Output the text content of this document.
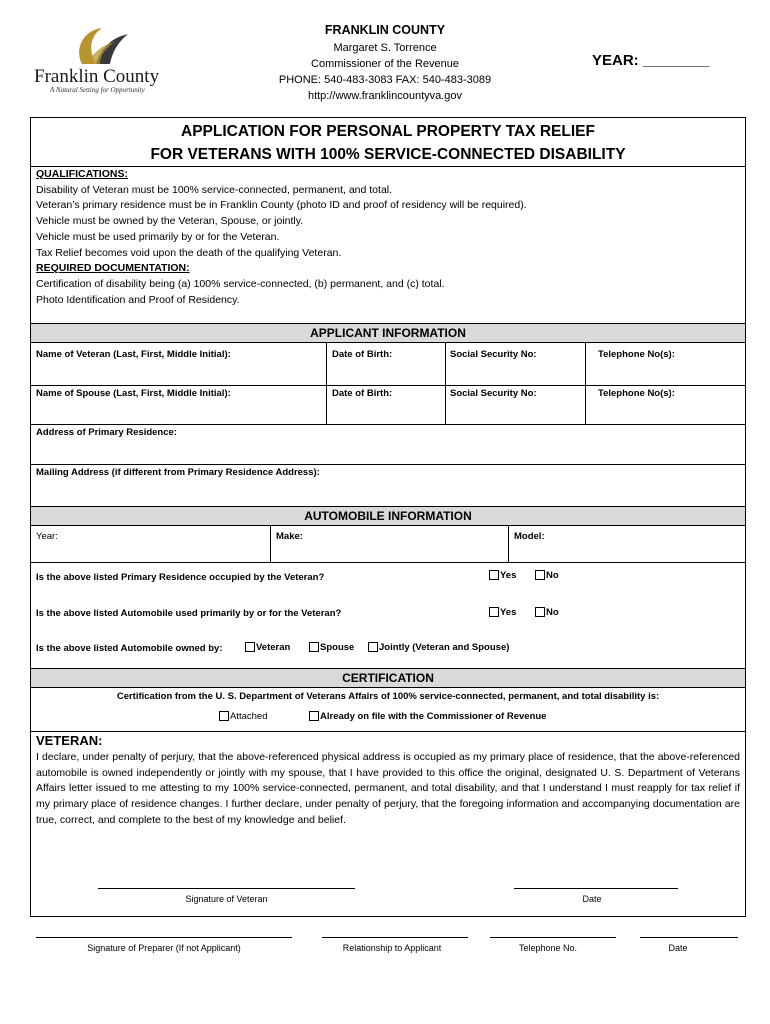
Franklin County
A Natural Setting for Opportunity
FRANKLIN COUNTY
Margaret S. Torrence
Commissioner of the Revenue
PHONE: 540-483-3083 FAX: 540-483-3089
http://www.franklincountyva.gov
YEAR: ________
APPLICATION FOR PERSONAL PROPERTY TAX RELIEF
FOR VETERANS WITH 100% SERVICE-CONNECTED DISABILITY
QUALIFICATIONS:
Disability of Veteran must be 100% service-connected, permanent, and total.
Veteran’s primary residence must be in Franklin County (photo ID and proof of residency will be required).
Vehicle must be owned by the Veteran, Spouse, or jointly.
Vehicle must be used primarily by or for the Veteran.
Tax Relief becomes void upon the death of the qualifying Veteran.
REQUIRED DOCUMENTATION:
Certification of disability being (a) 100% service-connected, (b) permanent, and (c) total.
Photo Identification and Proof of Residency.
APPLICANT INFORMATION
Name of Veteran (Last, First, Middle Initial):	Date of Birth:	Social Security No:	Telephone No(s):
Name of Spouse (Last, First, Middle Initial):	Date of Birth:	Social Security No:	Telephone No(s):
Address of Primary Residence:
Mailing Address (if different from Primary Residence Address):
AUTOMOBILE INFORMATION
Year:	Make:	Model:
Is the above listed Primary Residence occupied by the Veteran?	Yes	No
Is the above listed Automobile used primarily by or for the Veteran?	Yes	No
Is the above listed Automobile owned by:	Veteran	Spouse	Jointly (Veteran and Spouse)
CERTIFICATION
Certification from the U. S. Department of Veterans Affairs of 100% service-connected, permanent, and total disability is:
Attached	Already on file with the Commissioner of Revenue
VETERAN:
I declare, under penalty of perjury, that the above-referenced physical address is occupied as my primary place of residence, that the above-referenced automobile is owned independently or jointly with my spouse, that I have provided to this office the original, designated U. S. Department of Veterans Affairs letter issued to me attesting to my 100% service-connected, permanent, and total disability, and that I understand I must reapply for tax relief if my primary place of residence changes. I further declare, under penalty of perjury, that the foregoing information and accompanying documentation are true, correct, and complete to the best of my knowledge and belief.
Signature of Veteran	Date
Signature of Preparer (If not Applicant)	Relationship to Applicant	Telephone No.	Date
